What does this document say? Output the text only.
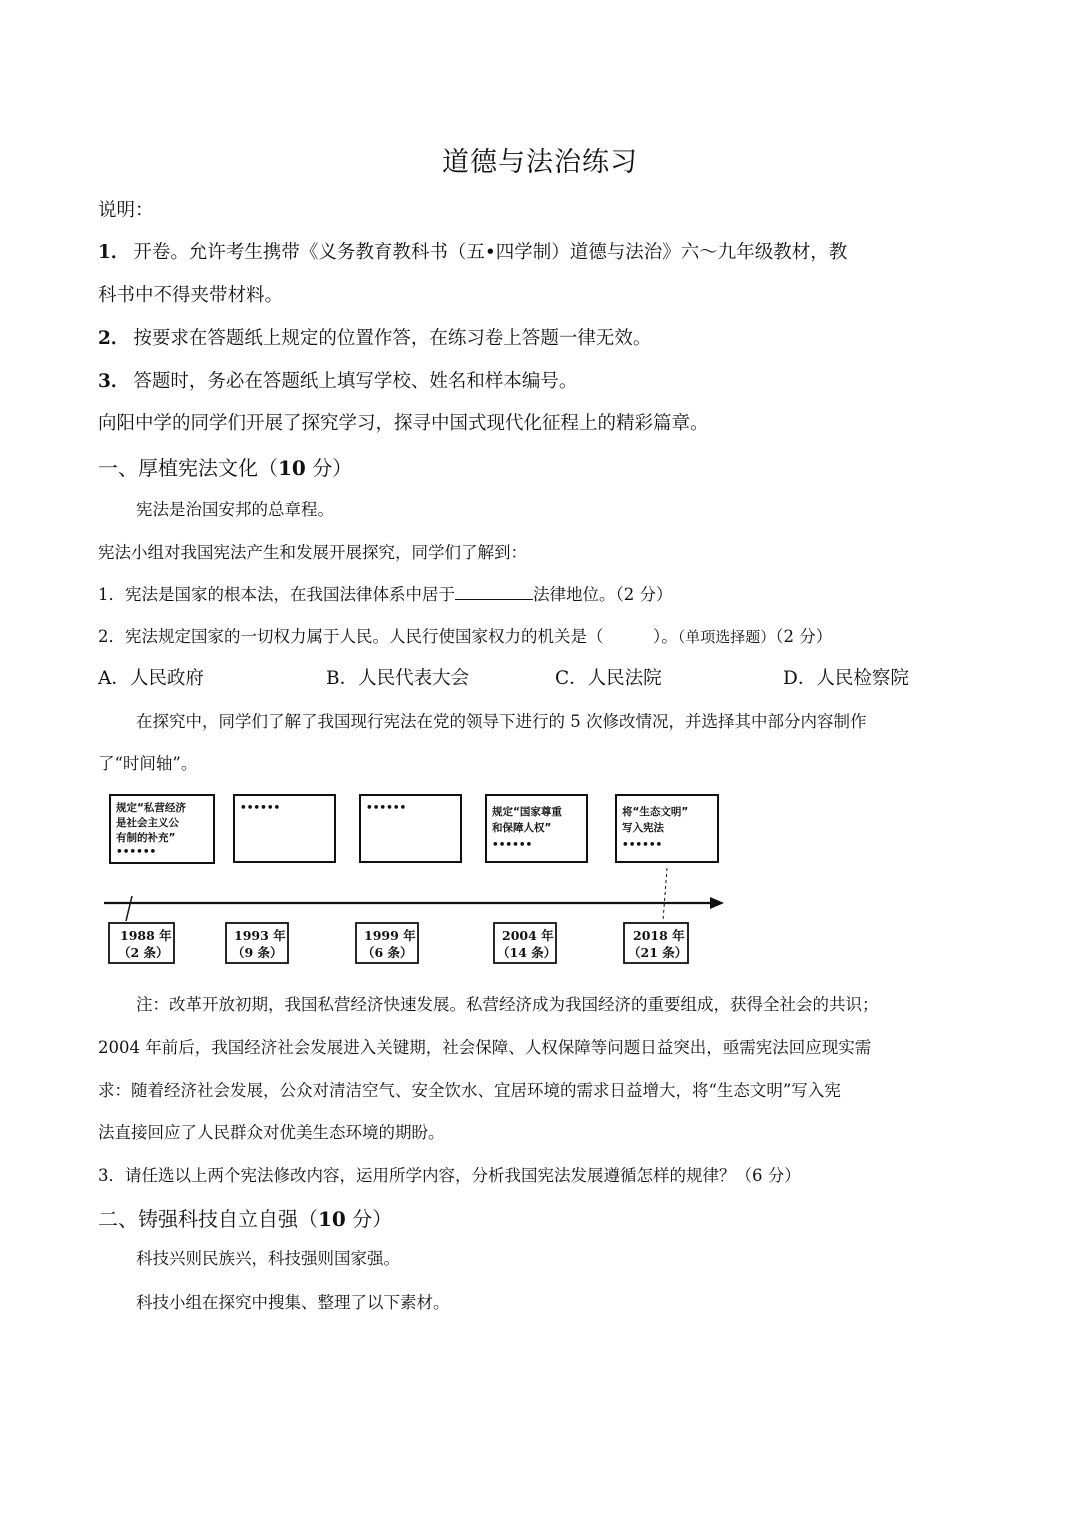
道德与法治练习
说明：
1． 开卷。允许考生携带《义务教育教科书（五•四学制）道德与法治》六～九年级教材，教
科书中不得夹带材料。
2． 按要求在答题纸上规定的位置作答，在练习卷上答题一律无效。
3． 答题时，务必在答题纸上填写学校、姓名和样本编号。
向阳中学的同学们开展了探究学习，探寻中国式现代化征程上的精彩篇章。
一、厚植宪法文化（10 分）
宪法是治国安邦的总章程。
宪法小组对我国宪法产生和发展开展探究，同学们了解到：
1．宪法是国家的根本法，在我国法律体系中居于	法律地位。（2 分）
2．宪法规定国家的一切权力属于人民。人民行使国家权力的机关是（　　　）。（单项选择题）（2 分）
A．人民政府	B．人民代表大会	C．人民法院	D．人民检察院
在探究中，同学们了解了我国现行宪法在党的领导下进行的 5 次修改情况，并选择其中部分内容制作
了“时间轴”。
规定“私营经济
是社会主义公
有制的补充”
••••••
••••••	••••••	规定“国家尊重
和保障人权”
••••••
将“生态文明”
写入宪法
••••••
1988 年
（2 条）
1993 年
（9 条）
1999 年
（6 条）
2004 年
（14 条）
2018 年
（21 条）
注：改革开放初期，我国私营经济快速发展。私营经济成为我国经济的重要组成，获得全社会的共识；
2004 年前后，我国经济社会发展进入关键期，社会保障、人权保障等问题日益突出，亟需宪法回应现实需
求：随着经济社会发展，公众对清洁空气、安全饮水、宜居环境的需求日益增大，将“生态文明”写入宪
法直接回应了人民群众对优美生态环境的期盼。
3．请任选以上两个宪法修改内容，运用所学内容，分析我国宪法发展遵循怎样的规律？（6 分）
二、铸强科技自立自强（10 分）
科技兴则民族兴，科技强则国家强。
科技小组在探究中搜集、整理了以下素材。
